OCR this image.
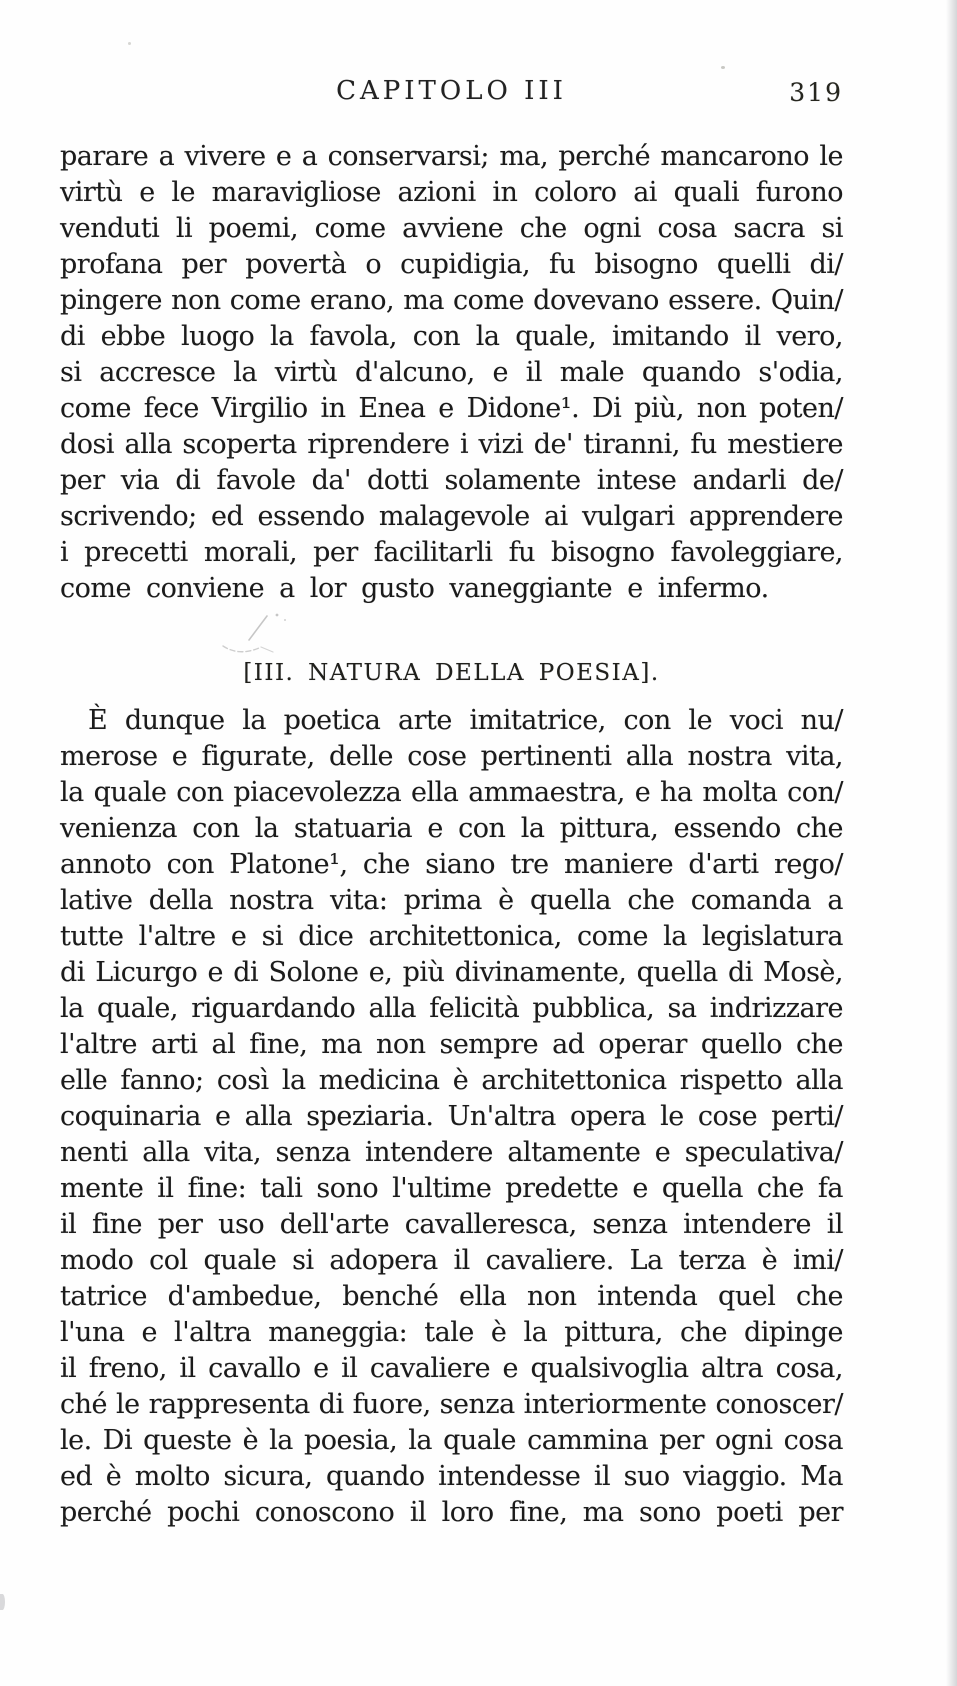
CAPITOLO III	319
parare a vivere e a conservarsi; ma, perché mancarono le
virtù e le maravigliose azioni in coloro ai quali furono
venduti li poemi, come avviene che ogni cosa sacra si
profana per povertà o cupidigia, fu bisogno quelli di/
pingere non come erano, ma come dovevano essere. Quin/
di ebbe luogo la favola, con la quale, imitando il vero,
si accresce la virtù d'alcuno, e il male quando s'odia,
come fece Virgilio in Enea e Didone¹. Di più, non poten/
dosi alla scoperta riprendere i vizi de' tiranni, fu mestiere
per via di favole da' dotti solamente intese andarli de/
scrivendo; ed essendo malagevole ai vulgari apprendere
i precetti morali, per facilitarli fu bisogno favoleggiare,
come conviene a lor gusto vaneggiante e infermo.
[III. NATURA DELLA POESIA].
È dunque la poetica arte imitatrice, con le voci nu/
merose e figurate, delle cose pertinenti alla nostra vita,
la quale con piacevolezza ella ammaestra, e ha molta con/
venienza con la statuaria e con la pittura, essendo che
annoto con Platone¹, che siano tre maniere d'arti rego/
lative della nostra vita: prima è quella che comanda a
tutte l'altre e si dice architettonica, come la legislatura
di Licurgo e di Solone e, più divinamente, quella di Mosè,
la quale, riguardando alla felicità pubblica, sa indrizzare
l'altre arti al fine, ma non sempre ad operar quello che
elle fanno; così la medicina è architettonica rispetto alla
coquinaria e alla speziaria. Un'altra opera le cose perti/
nenti alla vita, senza intendere altamente e speculativa/
mente il fine: tali sono l'ultime predette e quella che fa
il fine per uso dell'arte cavalleresca, senza intendere il
modo col quale si adopera il cavaliere. La terza è imi/
tatrice d'ambedue, benché ella non intenda quel che
l'una e l'altra maneggia: tale è la pittura, che dipinge
il freno, il cavallo e il cavaliere e qualsivoglia altra cosa,
ché le rappresenta di fuore, senza interiormente conoscer/
le. Di queste è la poesia, la quale cammina per ogni cosa
ed è molto sicura, quando intendesse il suo viaggio. Ma
perché pochi conoscono il loro fine, ma sono poeti per
